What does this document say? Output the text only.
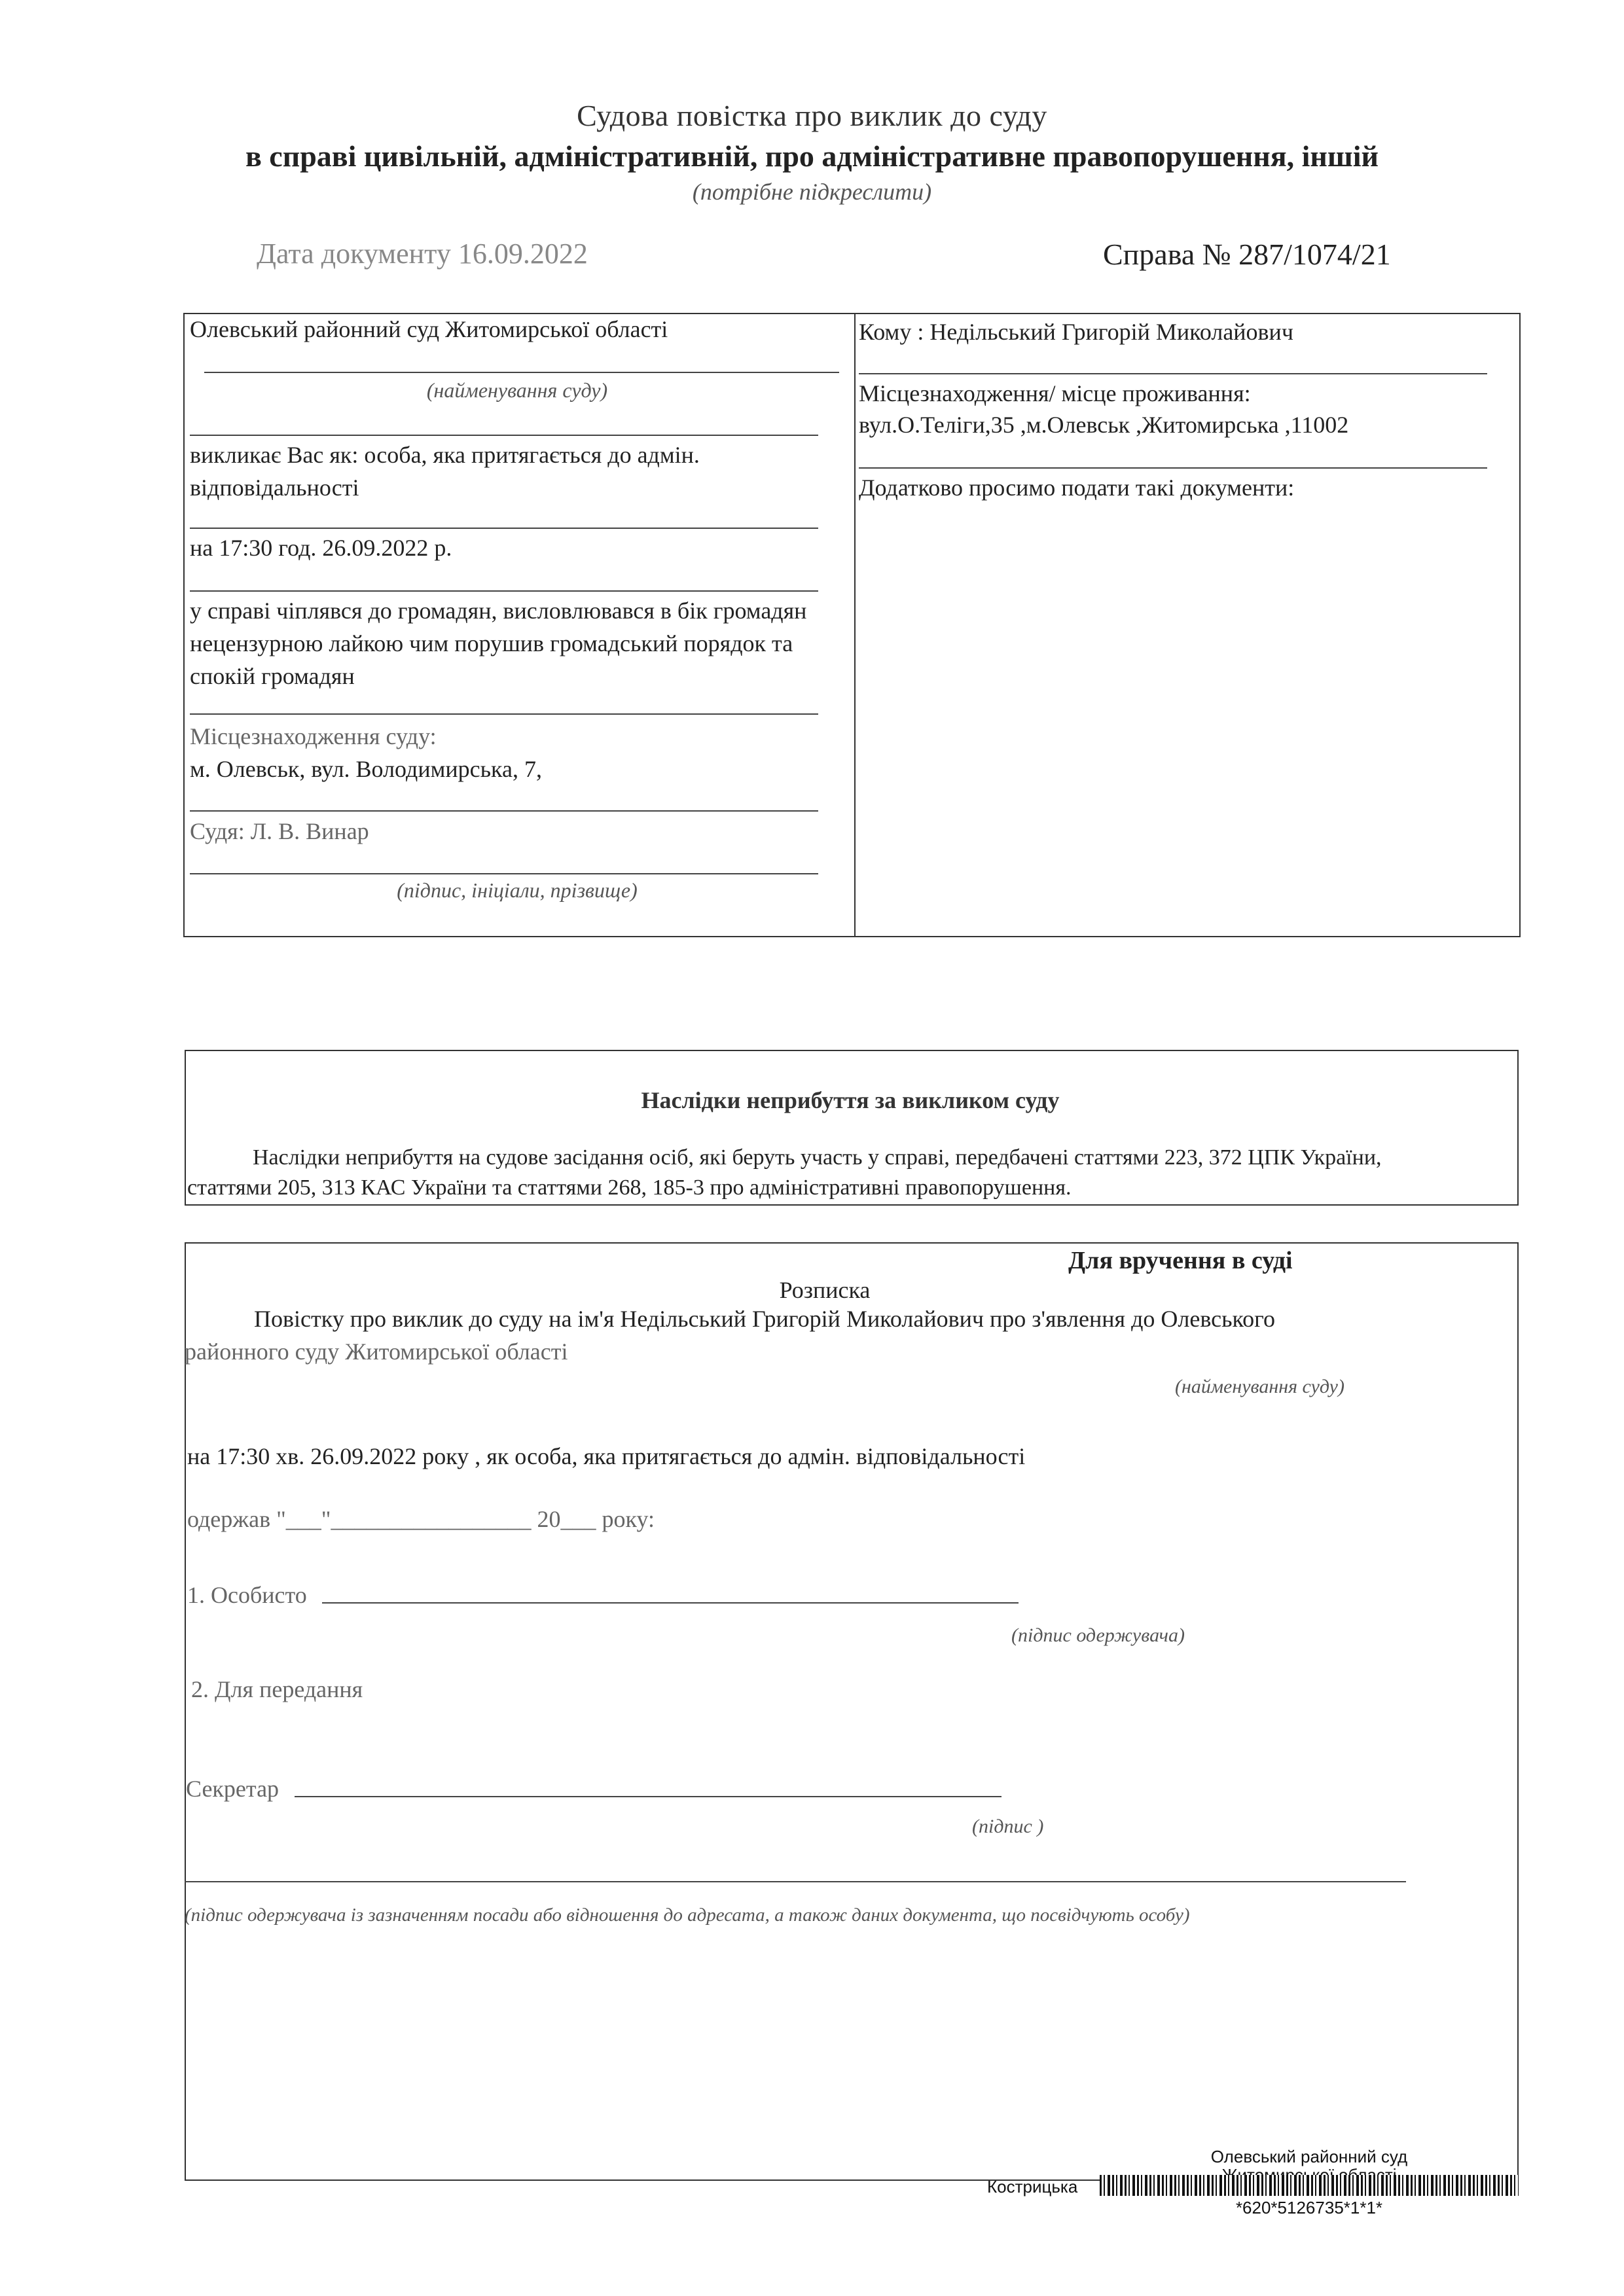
Судова повістка про виклик до суду
в справі цивільній, адміністративній, про адміністративне правопорушення, іншій
(потрібне підкреслити)
Дата документу 16.09.2022	Справа № 287/1074/21
Олевський районний суд Житомирської області
(найменування суду)
викликає Вас як: особа, яка притягається до адмін. відповідальності
на 17:30 год. 26.09.2022 р.
у справі чіплявся до громадян, висловлювався в бік громадян нецензурною лайкою чим порушив громадський порядок та спокій громадян
Місцезнаходження суду:
м. Олевськ, вул. Володимирська, 7,
Судя: Л. В. Винар
(підпис, ініціали, прізвище)
Кому : Недільський Григорій Миколайович
Місцезнаходження/ місце проживання:
вул.О.Теліги,35 ,м.Олевськ ,Житомирська ,11002
Додатково просимо подати такі документи:
Наслідки неприбуття за викликом суду
Наслідки неприбуття на судове засідання осіб, які беруть участь у справі, передбачені статтями 223, 372 ЦПК України,
статтями 205, 313 КАС України та статтями 268, 185-3 про адміністративні правопорушення.
Для вручення в суді
Розписка
Повістку про виклик до суду на ім'я Недільський Григорій Миколайович про з'явлення до Олевського
районного суду Житомирської області
(найменування суду)
на 17:30 хв. 26.09.2022 року , як особа, яка притягається до адмін. відповідальності
одержав "___"_________________ 20___ року:
1. Особисто
(підпис одержувача)
2. Для передання
Секретар
(підпис )
(підпис одержувача із зазначенням посади або відношення до адресата, а також даних документа, що посвідчують особу)
Олевський районний суд
Кострицька
*620*5126735*1*1*
